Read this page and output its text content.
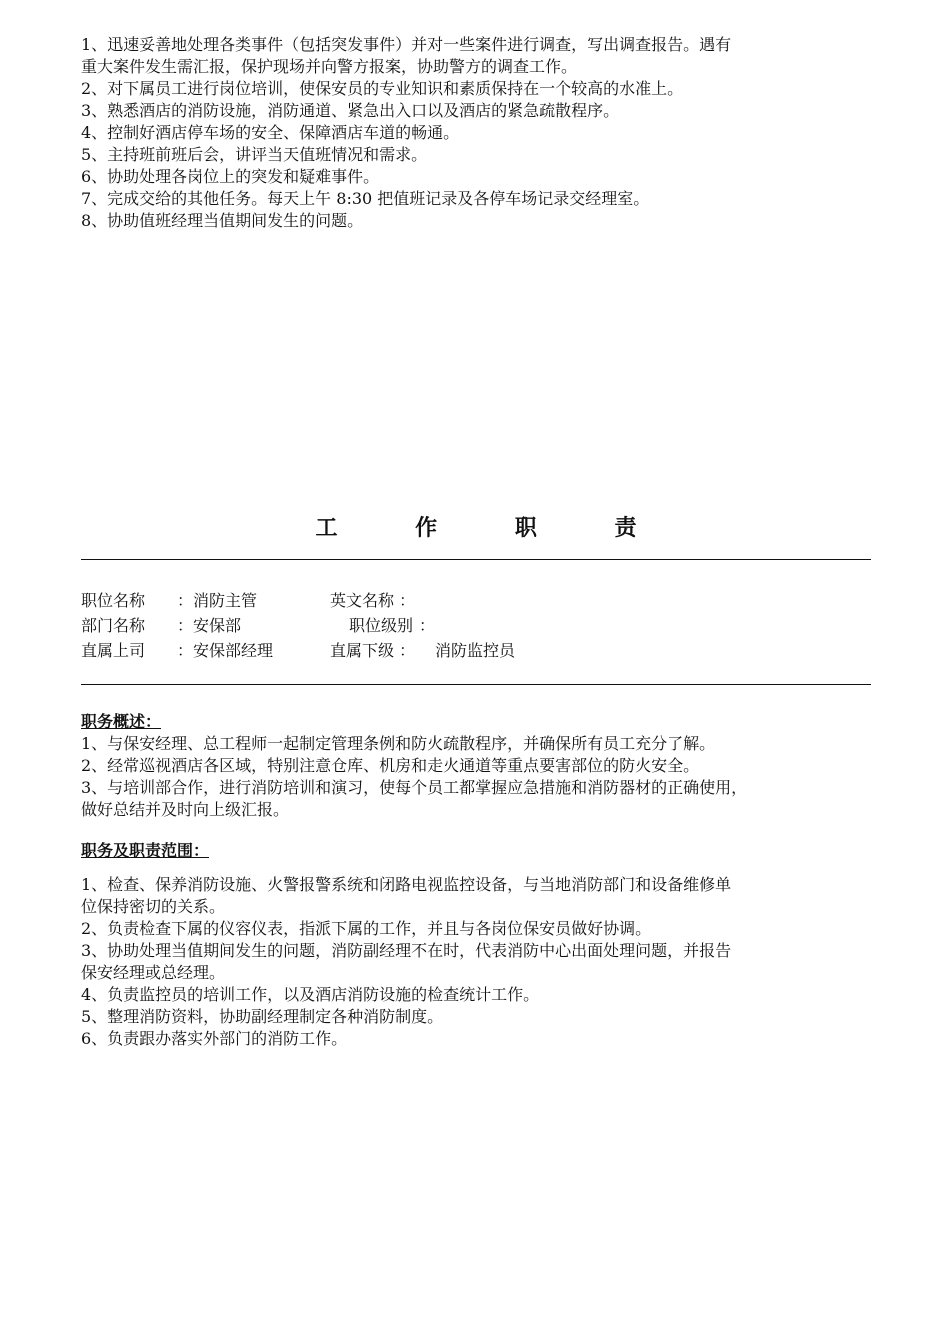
1、迅速妥善地处理各类事件（包括突发事件）并对一些案件进行调查，写出调查报告。遇有
重大案件发生需汇报，保护现场并向警方报案，协助警方的调查工作。
2、对下属员工进行岗位培训，使保安员的专业知识和素质保持在一个较高的水准上。
3、熟悉酒店的消防设施，消防通道、紧急出入口以及酒店的紧急疏散程序。
4、控制好酒店停车场的安全、保障酒店车道的畅通。
5、主持班前班后会，讲评当天值班情况和需求。
6、协助处理各岗位上的突发和疑难事件。
7、完成交给的其他任务。每天上午 8:30 把值班记录及各停车场记录交经理室。
8、协助值班经理当值期间发生的问题。
工	作	职	责
职位名称 ：消防主管	英文名称 ：
部门名称 ：安保部	职位级别 ：
直属上司 ：安保部经理	直属下级 ： 消防监控员
职务概述：
1、与保安经理、总工程师一起制定管理条例和防火疏散程序，并确保所有员工充分了解。
2、经常巡视酒店各区域，特别注意仓库、机房和走火通道等重点要害部位的防火安全。
3、与培训部合作，进行消防培训和演习，使每个员工都掌握应急措施和消防器材的正确使用，
做好总结并及时向上级汇报。
职务及职责范围：
1、检查、保养消防设施、火警报警系统和闭路电视监控设备，与当地消防部门和设备维修单
位保持密切的关系。
2、负责检查下属的仪容仪表，指派下属的工作，并且与各岗位保安员做好协调。
3、协助处理当值期间发生的问题，消防副经理不在时，代表消防中心出面处理问题，并报告
保安经理或总经理。
4、负责监控员的培训工作，以及酒店消防设施的检查统计工作。
5、整理消防资料，协助副经理制定各种消防制度。
6、负责跟办落实外部门的消防工作。
